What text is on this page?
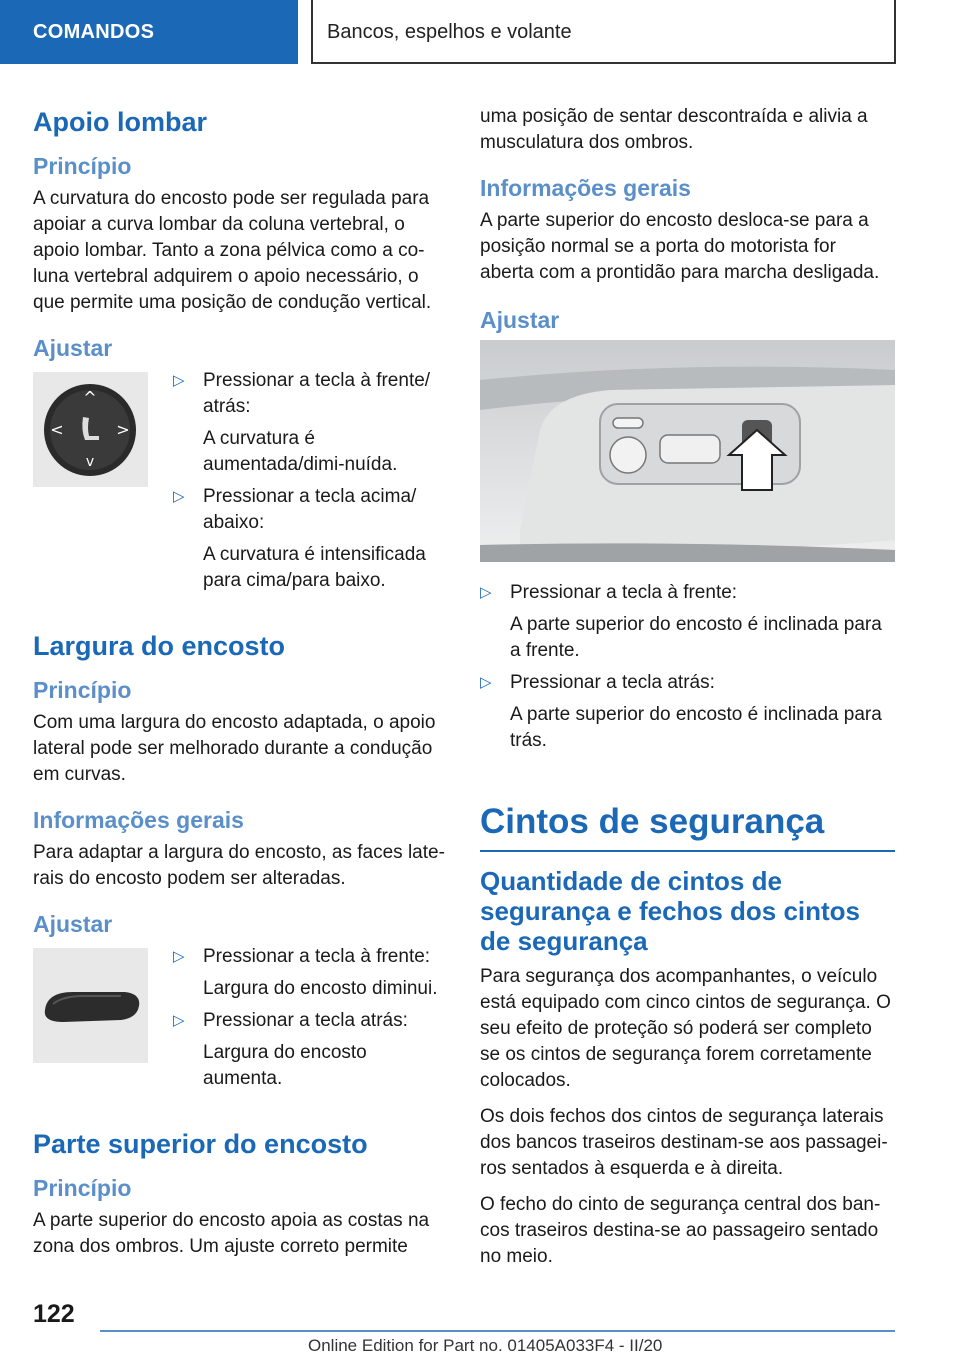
COMANDOS	Bancos, espelhos e volante
Apoio lombar
Princípio

A curvatura do encosto pode ser regulada para apoiar a curva lombar da coluna vertebral, o apoio lombar. Tanto a zona pélvica como a co-luna vertebral adquirem o apoio necessário, o que permite uma posição de condução vertical.

Ajustar
^
v
<	>
▷ Pressionar a tecla à frente/ atrás:

A curvatura é aumentada/dimi-nuída.

▷ Pressionar a tecla acima/ abaixo:

A curvatura é intensificada para cima/para baixo.

Largura do encosto
Princípio

Com uma largura do encosto adaptada, o apoio lateral pode ser melhorado durante a condução em curvas.

Informações gerais

Para adaptar a largura do encosto, as faces late-rais do encosto podem ser alteradas.

Ajustar
▷ Pressionar a tecla à frente:

Largura do encosto diminui.

▷ Pressionar a tecla atrás:

Largura do encosto aumenta.

Parte superior do encosto
Princípio

A parte superior do encosto apoia as costas na zona dos ombros. Um ajuste correto permite

uma posição de sentar descontraída e alivia a musculatura dos ombros.

Informações gerais

A parte superior do encosto desloca-se para a posição normal se a porta do motorista for aberta com a prontidão para marcha desligada.

Ajustar
▷ Pressionar a tecla à frente:

A parte superior do encosto é inclinada para a frente.

▷ Pressionar a tecla atrás:

A parte superior do encosto é inclinada para trás.

Cintos de segurança
Quantidade de cintos de segurança e fechos dos cintos de segurança

Para segurança dos acompanhantes, o veículo está equipado com cinco cintos de segurança. O seu efeito de proteção só poderá ser completo se os cintos de segurança forem corretamente colocados.

Os dois fechos dos cintos de segurança laterais dos bancos traseiros destinam-se aos passagei-ros sentados à esquerda e à direita.

O fecho do cinto de segurança central dos ban-cos traseiros destina-se ao passageiro sentado no meio.

122
Online Edition for Part no. 01405A033F4 - II/20
